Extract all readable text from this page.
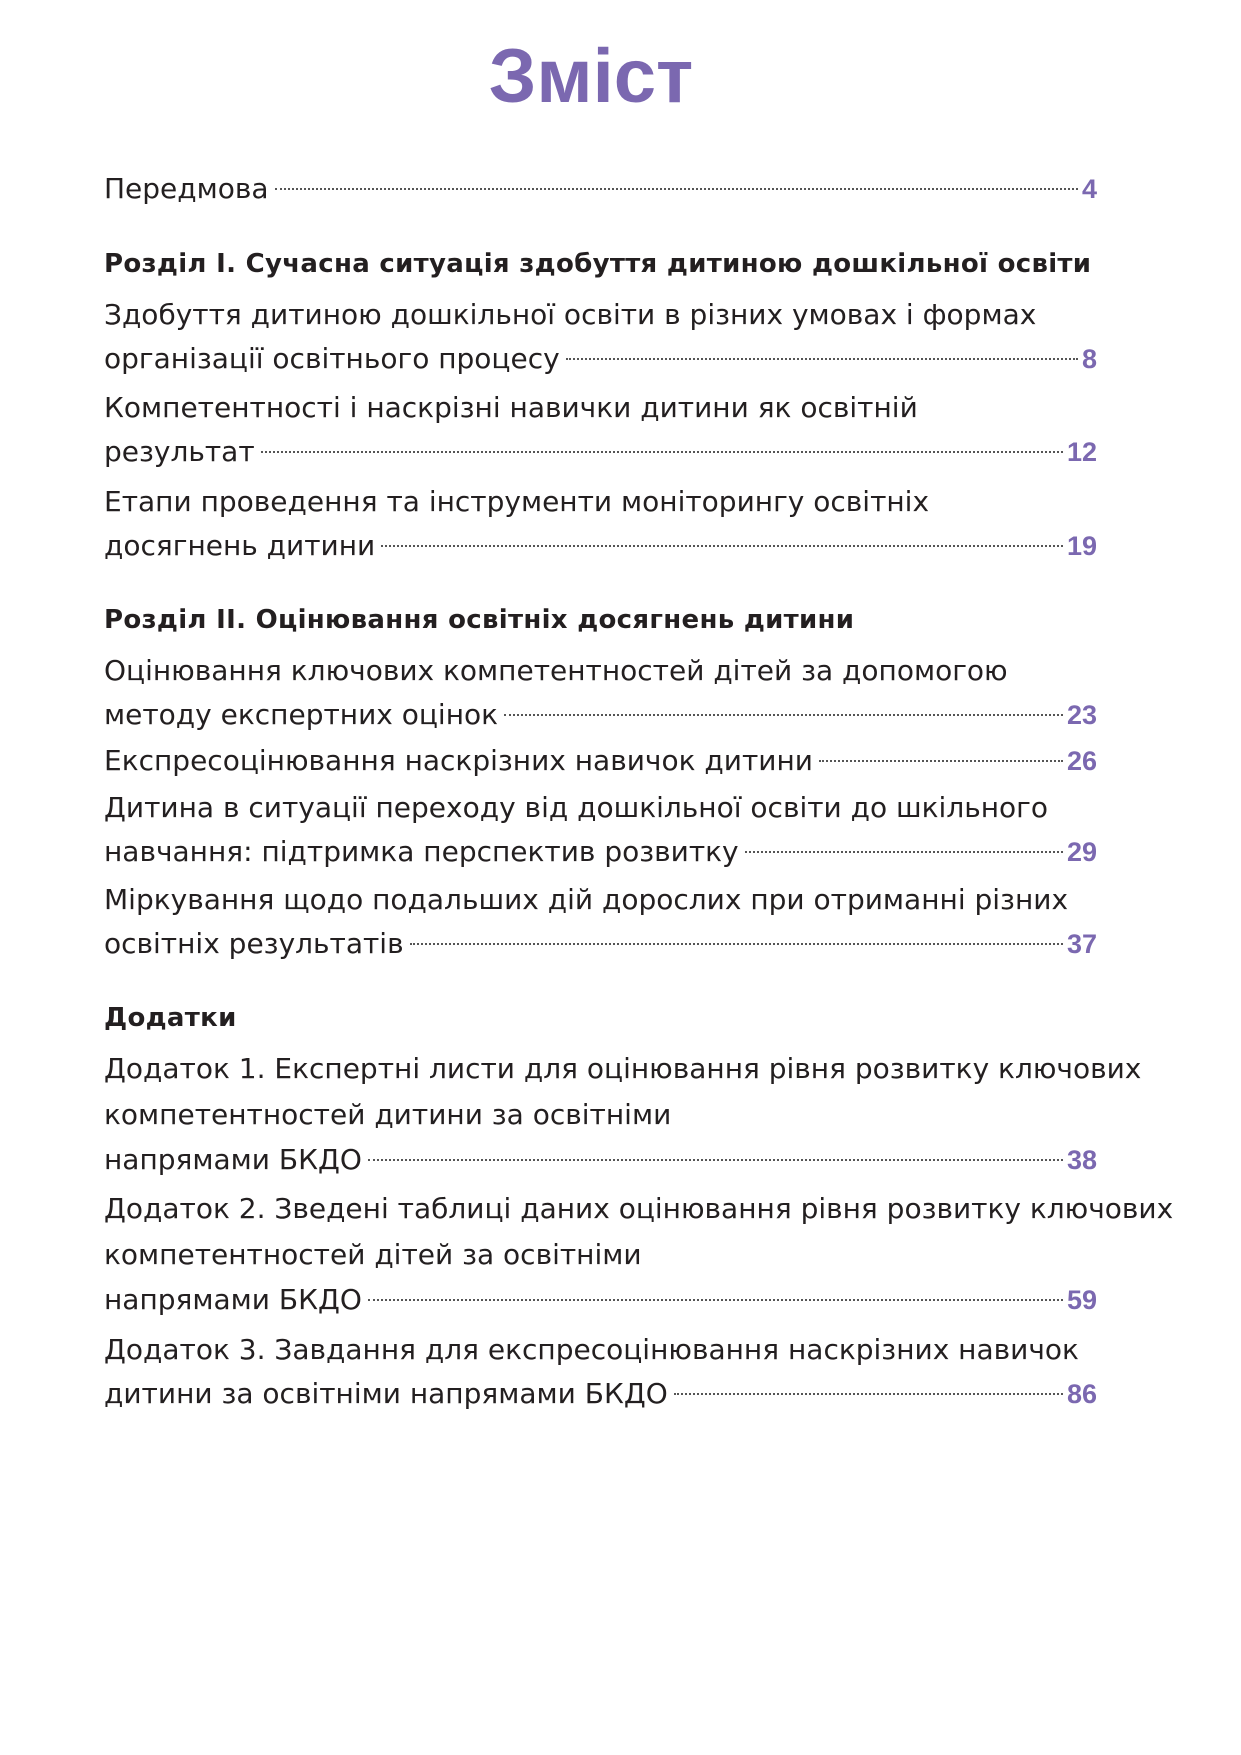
Зміст
Передмова	4
Розділ І. Сучасна ситуація здобуття дитиною дошкільної освіти
Здобуття дитиною дошкільної освіти в різних умовах і формах
організації освітнього процесу	8
Компетентності і наскрізні навички дитини як освітній
результат	12
Етапи проведення та інструменти моніторингу освітніх
досягнень дитини	19
Розділ ІІ. Оцінювання освітніх досягнень дитини
Оцінювання ключових компетентностей дітей за допомогою
методу експертних оцінок	23
Експресоцінювання наскрізних навичок дитини	26
Дитина в ситуації переходу від дошкільної освіти до шкільного
навчання: підтримка перспектив розвитку	29
Міркування щодо подальших дій дорослих при отриманні різних
освітніх результатів	37
Додатки
Додаток 1. Експертні листи для оцінювання рівня розвитку ключових
компетентностей дитини за освітніми
напрямами БКДО	38
Додаток 2. Зведені таблиці даних оцінювання рівня розвитку ключових
компетентностей дітей за освітніми
напрямами БКДО	59
Додаток 3. Завдання для експресоцінювання наскрізних навичок
дитини за освітніми напрямами БКДО	86
